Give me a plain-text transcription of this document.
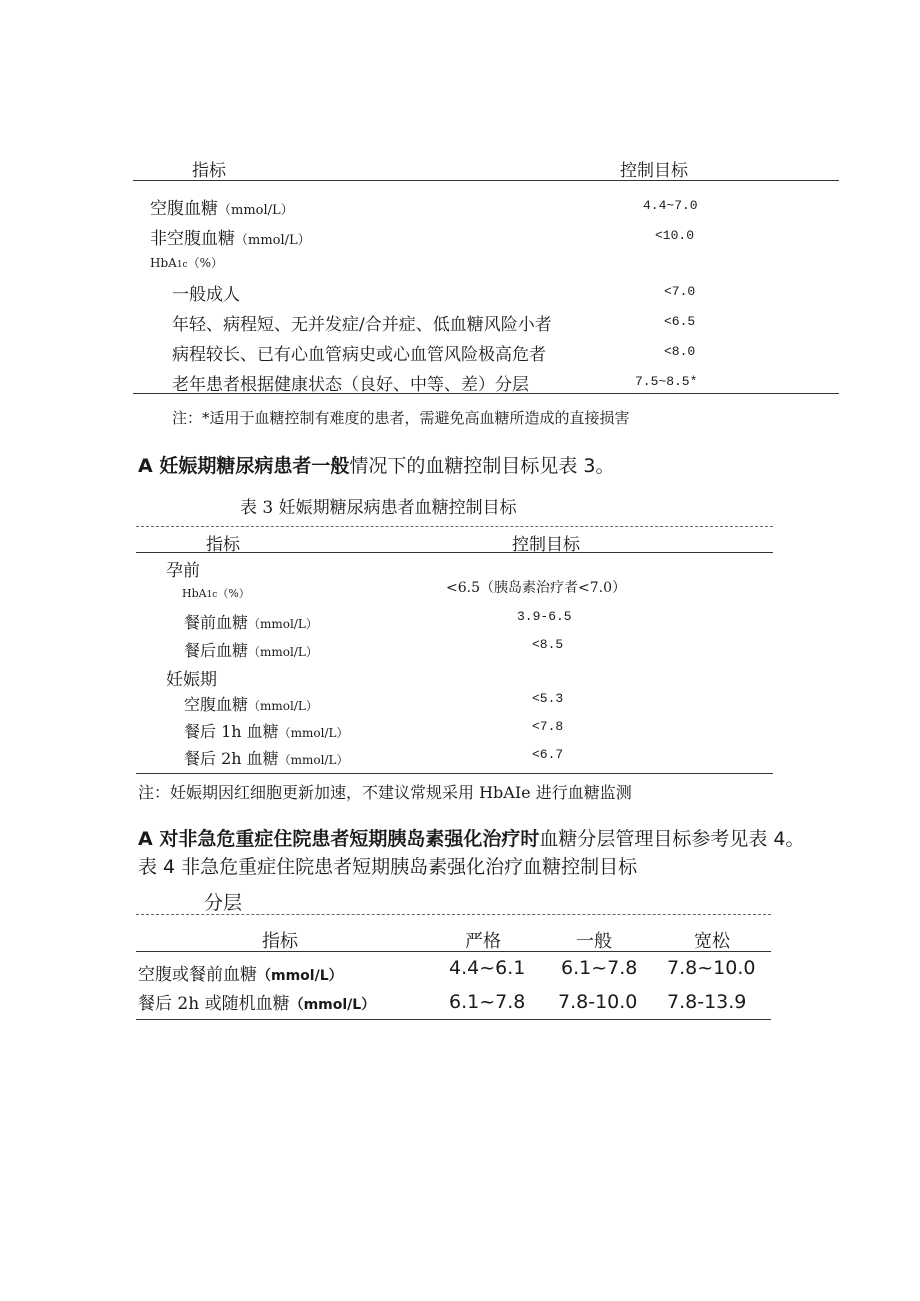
指标	控制目标
空腹血糖（mmol/L）	4.4~7.0
非空腹血糖（mmol/L）	<10.0
HbA1c（%）
一般成人	<7.0
年轻、病程短、无并发症/合并症、低血糖风险小者	<6.5
病程较长、已有心血管病史或心血管风险极高危者	<8.0
老年患者根据健康状态（良好、中等、差）分层	7.5~8.5*
注：*适用于血糖控制有难度的患者，需避免高血糖所造成的直接损害
A 妊娠期糖尿病患者一般情况下的血糖控制目标见表 3。
表 3 妊娠期糖尿病患者血糖控制目标
指标	控制目标
孕前
HbA1c（%）	<6.5（胰岛素治疗者<7.0）
餐前血糖（mmol/L）	3.9-6.5
餐后血糖（mmol/L）	<8.5
妊娠期
空腹血糖（mmol/L）	<5.3
餐后 1h 血糖（mmol/L）	<7.8
餐后 2h 血糖（mmol/L）	<6.7
注：妊娠期因红细胞更新加速，不建议常规采用 HbAIe 进行血糖监测
A 对非急危重症住院患者短期胰岛素强化治疗时血糖分层管理目标参考见表 4。
表 4 非急危重症住院患者短期胰岛素强化治疗血糖控制目标
分层
指标	严格	一般	宽松
空腹或餐前血糖（mmol/L）	4.4~6.1 6.1~7.8 7.8~10.0
餐后 2h 或随机血糖（mmol/L）	6.1~7.8 7.8-10.0 7.8-13.9
